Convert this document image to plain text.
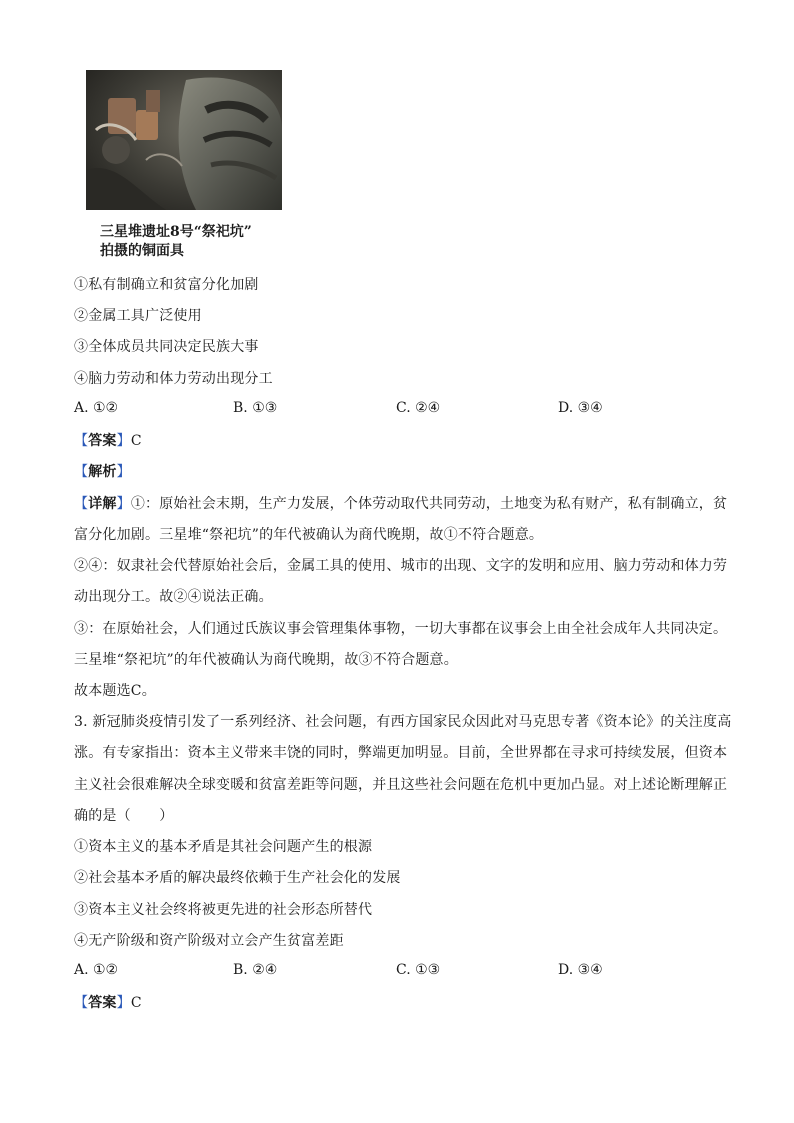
三星堆遗址8号“祭祀坑”
拍摄的铜面具
①私有制确立和贫富分化加剧
②金属工具广泛使用
③全体成员共同决定民族大事
④脑力劳动和体力劳动出现分工
A. ①②	B. ①③	C. ②④	D. ③④
【答案】C
【解析】
【详解】①：原始社会末期，生产力发展，个体劳动取代共同劳动，土地变为私有财产，私有制确立，贫
富分化加剧。三星堆“祭祀坑”的年代被确认为商代晚期，故①不符合题意。
②④：奴隶社会代替原始社会后，金属工具的使用、城市的出现、文字的发明和应用、脑力劳动和体力劳
动出现分工。故②④说法正确。
③：在原始社会，人们通过氏族议事会管理集体事物，一切大事都在议事会上由全社会成年人共同决定。
三星堆“祭祀坑”的年代被确认为商代晚期，故③不符合题意。
故本题选C。
3. 新冠肺炎疫情引发了一系列经济、社会问题，有西方国家民众因此对马克思专著《资本论》的关注度高
涨。有专家指出：资本主义带来丰饶的同时，弊端更加明显。目前，全世界都在寻求可持续发展，但资本
主义社会很难解决全球变暖和贫富差距等问题，并且这些社会问题在危机中更加凸显。对上述论断理解正
确的是（　　）
①资本主义的基本矛盾是其社会问题产生的根源
②社会基本矛盾的解决最终依赖于生产社会化的发展
③资本主义社会终将被更先进的社会形态所替代
④无产阶级和资产阶级对立会产生贫富差距
A. ①②	B. ②④	C. ①③	D. ③④
【答案】C
